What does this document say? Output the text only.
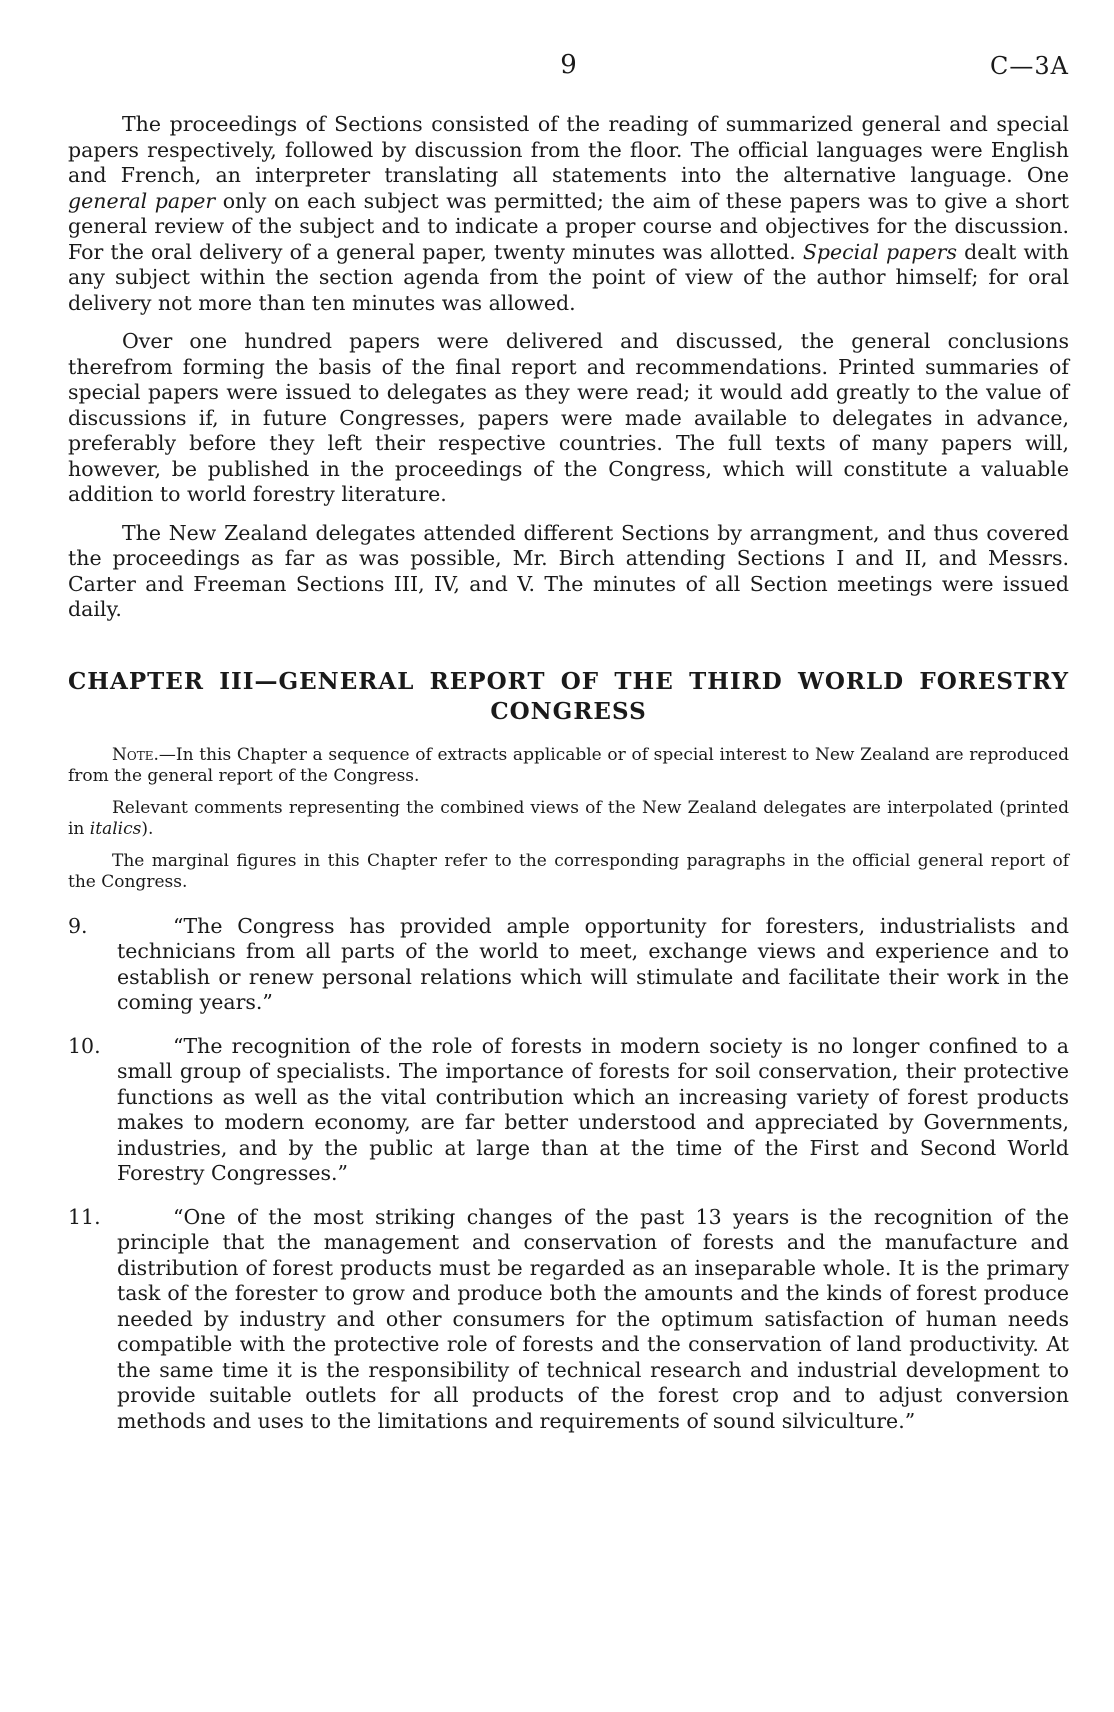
9	C—3A

The proceedings of Sections consisted of the reading of summarized general and special papers respectively, followed by discussion from the floor. The official languages were English and French, an interpreter translating all statements into the alternative language. One general paper only on each subject was permitted; the aim of these papers was to give a short general review of the subject and to indicate a proper course and objectives for the discussion. For the oral delivery of a general paper, twenty minutes was allotted. Special papers dealt with any subject within the section agenda from the point of view of the author himself; for oral delivery not more than ten minutes was allowed.

Over one hundred papers were delivered and discussed, the general conclusions therefrom forming the basis of the final report and recommendations. Printed summaries of special papers were issued to delegates as they were read; it would add greatly to the value of discussions if, in future Congresses, papers were made available to delegates in advance, preferably before they left their respective countries. The full texts of many papers will, however, be published in the proceedings of the Congress, which will constitute a valuable addition to world forestry literature.

The New Zealand delegates attended different Sections by arrangment, and thus covered the proceedings as far as was possible, Mr. Birch attending Sections I and II, and Messrs. Carter and Freeman Sections III, IV, and V. The minutes of all Section meetings were issued daily.

CHAPTER III—GENERAL REPORT OF THE THIRD WORLD FORESTRY
CONGRESS

Note.—In this Chapter a sequence of extracts applicable or of special interest to New Zealand are reproduced from the general report of the Congress.

Relevant comments representing the combined views of the New Zealand delegates are interpolated (printed in italics).

The marginal figures in this Chapter refer to the corresponding paragraphs in the official general report of the Congress.

9.	“The Congress has provided ample opportunity for foresters, industrialists and technicians from all parts of the world to meet, exchange views and experience and to establish or renew personal relations which will stimulate and facilitate their work in the coming years.”

10.	“The recognition of the role of forests in modern society is no longer confined to a small group of specialists. The importance of forests for soil conservation, their protective functions as well as the vital contribution which an increasing variety of forest products makes to modern economy, are far better understood and appreciated by Governments, industries, and by the public at large than at the time of the First and Second World Forestry Congresses.”

11.	“One of the most striking changes of the past 13 years is the recognition of the principle that the management and conservation of forests and the manufacture and distribution of forest products must be regarded as an inseparable whole. It is the primary task of the forester to grow and produce both the amounts and the kinds of forest produce needed by industry and other consumers for the optimum satisfaction of human needs compatible with the protective role of forests and the conservation of land productivity. At the same time it is the responsibility of technical research and industrial development to provide suitable outlets for all products of the forest crop and to adjust conversion methods and uses to the limitations and requirements of sound silviculture.”
